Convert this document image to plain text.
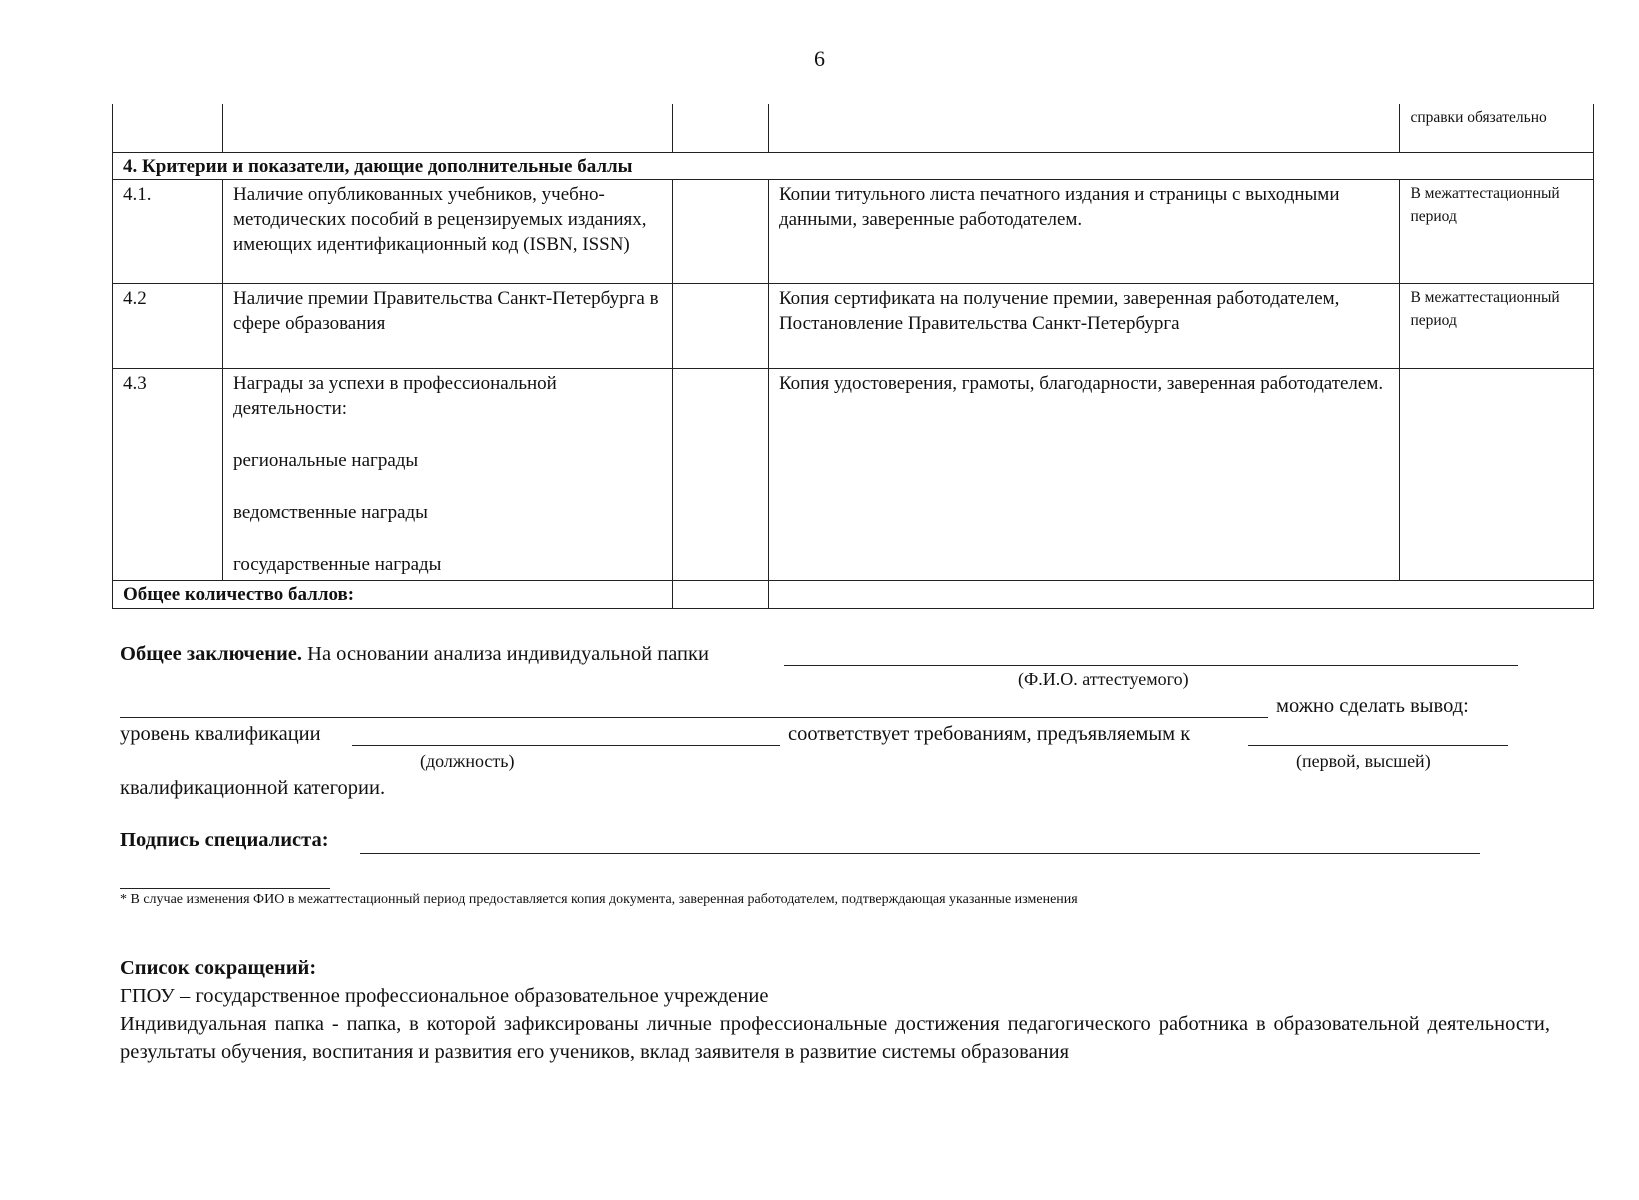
6
				справки обязательно
4. Критерии и показатели, дающие дополнительные баллы				
4.1.	Наличие опубликованных учебников, учебно-методических пособий в рецензируемых изданиях, имеющих идентификационный код (ISBN, ISSN)		Копии титульного листа печатного издания и страницы с выходными данными, заверенные работодателем.	В межаттестационный период
4.2	Наличие премии Правительства Санкт-Петербурга в сфере образования		Копия сертификата на получение премии, заверенная работодателем, Постановление Правительства Санкт-Петербурга	В межаттестационный период
4.3	Награды за успехи в профессиональной деятельности:
региональные награды
ведомственные награды
государственные награды		Копия удостоверения, грамоты, благодарности, заверенная работодателем.	
Общее количество баллов:				
Общее заключение. На основании анализа индивидуальной папки
(Ф.И.О. аттестуемого)
можно сделать вывод:
уровень квалификации	соответствует требованиям, предъявляемым к
(должность)	(первой, высшей)
квалификационной категории.
Подпись специалиста:
* В случае изменения ФИО в межаттестационный период предоставляется копия документа, заверенная работодателем, подтверждающая указанные изменения
Список сокращений:
ГПОУ – государственное профессиональное образовательное учреждение
Индивидуальная папка - папка, в которой зафиксированы личные профессиональные достижения педагогического работника в образовательной деятельности, результаты обучения, воспитания и развития его учеников, вклад заявителя в развитие системы образования
